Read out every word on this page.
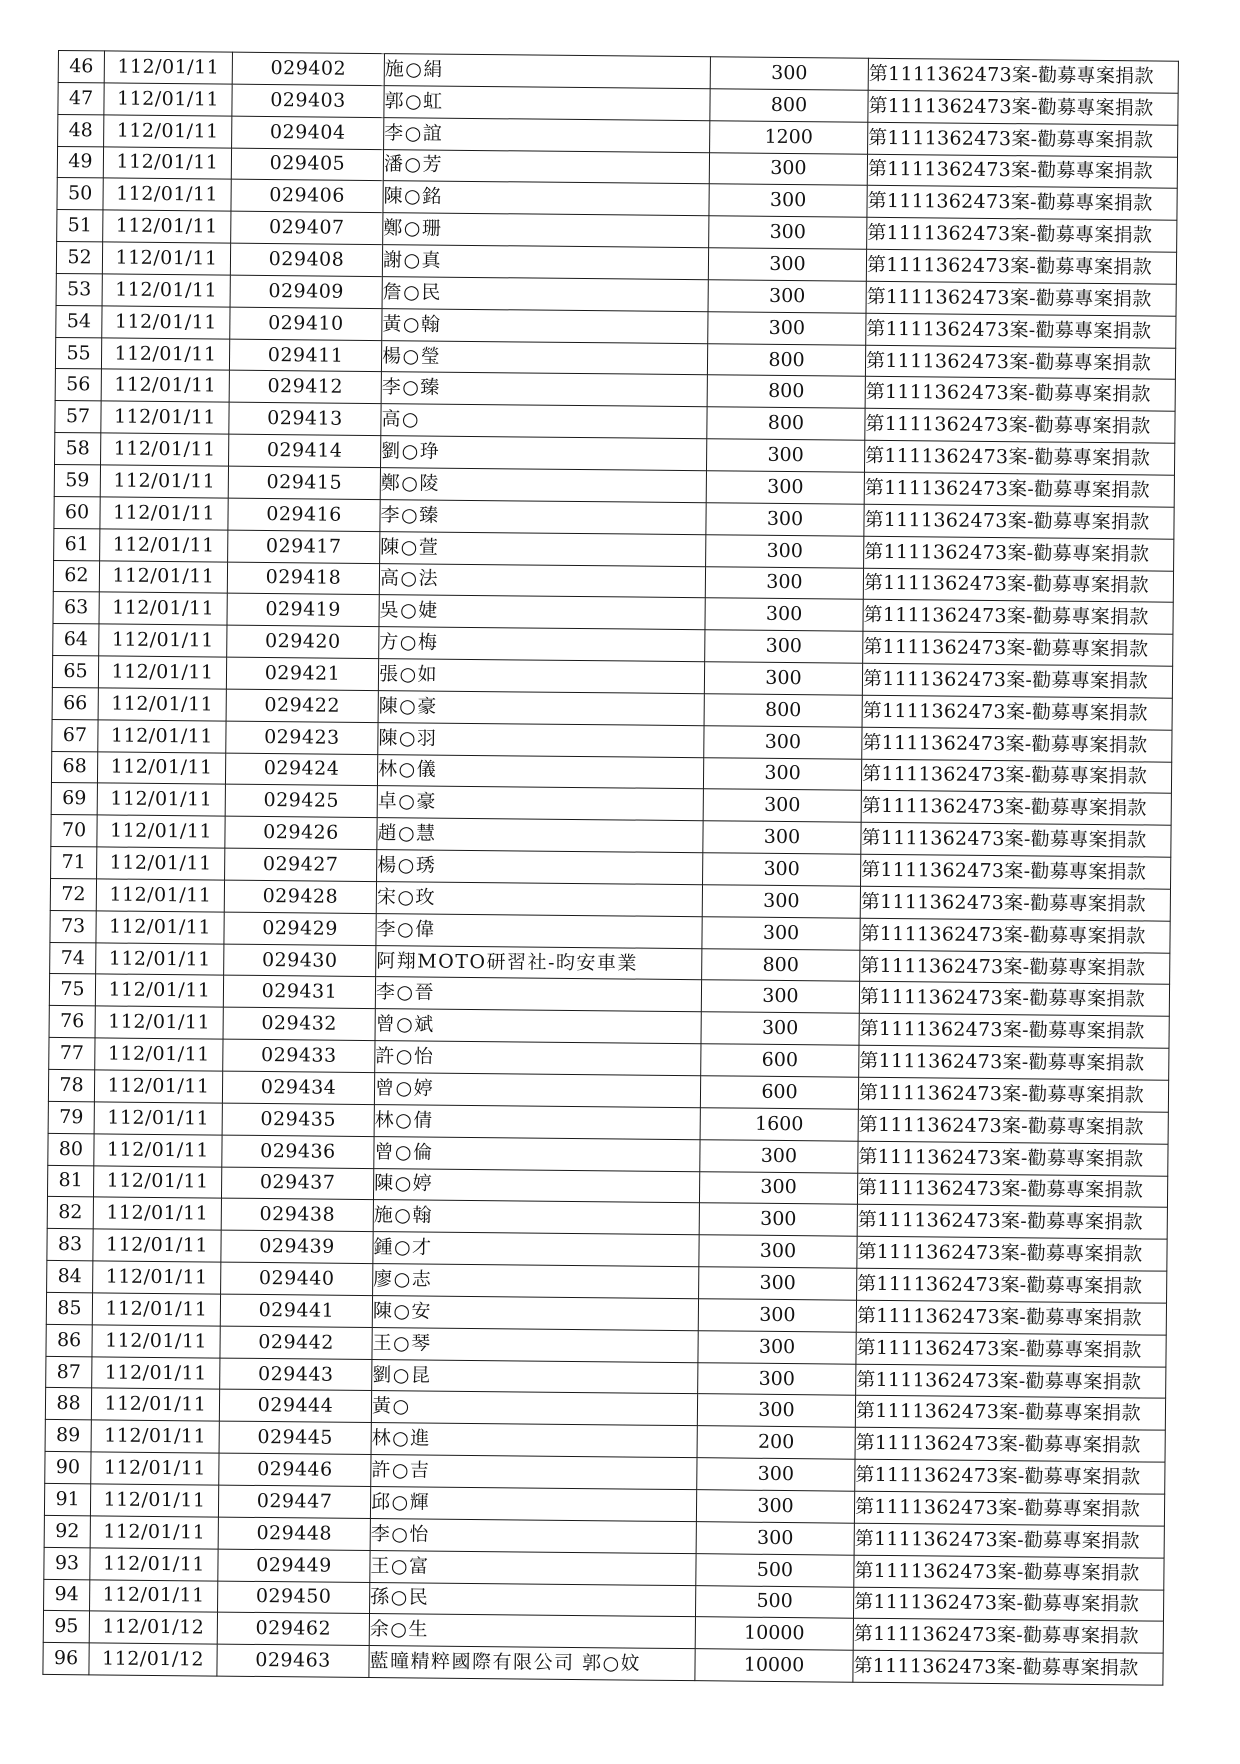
46	112/01/11	029402	施○絹	300	第1111362473案-勸募專案捐款
47	112/01/11	029403	郭○虹	800	第1111362473案-勸募專案捐款
48	112/01/11	029404	李○誼	1200	第1111362473案-勸募專案捐款
49	112/01/11	029405	潘○芳	300	第1111362473案-勸募專案捐款
50	112/01/11	029406	陳○銘	300	第1111362473案-勸募專案捐款
51	112/01/11	029407	鄭○珊	300	第1111362473案-勸募專案捐款
52	112/01/11	029408	謝○真	300	第1111362473案-勸募專案捐款
53	112/01/11	029409	詹○民	300	第1111362473案-勸募專案捐款
54	112/01/11	029410	黃○翰	300	第1111362473案-勸募專案捐款
55	112/01/11	029411	楊○瑩	800	第1111362473案-勸募專案捐款
56	112/01/11	029412	李○臻	800	第1111362473案-勸募專案捐款
57	112/01/11	029413	高○	800	第1111362473案-勸募專案捐款
58	112/01/11	029414	劉○琤	300	第1111362473案-勸募專案捐款
59	112/01/11	029415	鄭○陵	300	第1111362473案-勸募專案捐款
60	112/01/11	029416	李○臻	300	第1111362473案-勸募專案捐款
61	112/01/11	029417	陳○萱	300	第1111362473案-勸募專案捐款
62	112/01/11	029418	高○法	300	第1111362473案-勸募專案捐款
63	112/01/11	029419	吳○婕	300	第1111362473案-勸募專案捐款
64	112/01/11	029420	方○梅	300	第1111362473案-勸募專案捐款
65	112/01/11	029421	張○如	300	第1111362473案-勸募專案捐款
66	112/01/11	029422	陳○豪	800	第1111362473案-勸募專案捐款
67	112/01/11	029423	陳○羽	300	第1111362473案-勸募專案捐款
68	112/01/11	029424	林○儀	300	第1111362473案-勸募專案捐款
69	112/01/11	029425	卓○豪	300	第1111362473案-勸募專案捐款
70	112/01/11	029426	趙○慧	300	第1111362473案-勸募專案捐款
71	112/01/11	029427	楊○琇	300	第1111362473案-勸募專案捐款
72	112/01/11	029428	宋○玫	300	第1111362473案-勸募專案捐款
73	112/01/11	029429	李○偉	300	第1111362473案-勸募專案捐款
74	112/01/11	029430	阿翔MOTO研習社-昀安車業	800	第1111362473案-勸募專案捐款
75	112/01/11	029431	李○晉	300	第1111362473案-勸募專案捐款
76	112/01/11	029432	曾○斌	300	第1111362473案-勸募專案捐款
77	112/01/11	029433	許○怡	600	第1111362473案-勸募專案捐款
78	112/01/11	029434	曾○婷	600	第1111362473案-勸募專案捐款
79	112/01/11	029435	林○倩	1600	第1111362473案-勸募專案捐款
80	112/01/11	029436	曾○倫	300	第1111362473案-勸募專案捐款
81	112/01/11	029437	陳○婷	300	第1111362473案-勸募專案捐款
82	112/01/11	029438	施○翰	300	第1111362473案-勸募專案捐款
83	112/01/11	029439	鍾○才	300	第1111362473案-勸募專案捐款
84	112/01/11	029440	廖○志	300	第1111362473案-勸募專案捐款
85	112/01/11	029441	陳○安	300	第1111362473案-勸募專案捐款
86	112/01/11	029442	王○琴	300	第1111362473案-勸募專案捐款
87	112/01/11	029443	劉○昆	300	第1111362473案-勸募專案捐款
88	112/01/11	029444	黃○	300	第1111362473案-勸募專案捐款
89	112/01/11	029445	林○進	200	第1111362473案-勸募專案捐款
90	112/01/11	029446	許○吉	300	第1111362473案-勸募專案捐款
91	112/01/11	029447	邱○輝	300	第1111362473案-勸募專案捐款
92	112/01/11	029448	李○怡	300	第1111362473案-勸募專案捐款
93	112/01/11	029449	王○富	500	第1111362473案-勸募專案捐款
94	112/01/11	029450	孫○民	500	第1111362473案-勸募專案捐款
95	112/01/12	029462	余○生	10000	第1111362473案-勸募專案捐款
96	112/01/12	029463	藍曈精粹國際有限公司 郭○妏	10000	第1111362473案-勸募專案捐款
